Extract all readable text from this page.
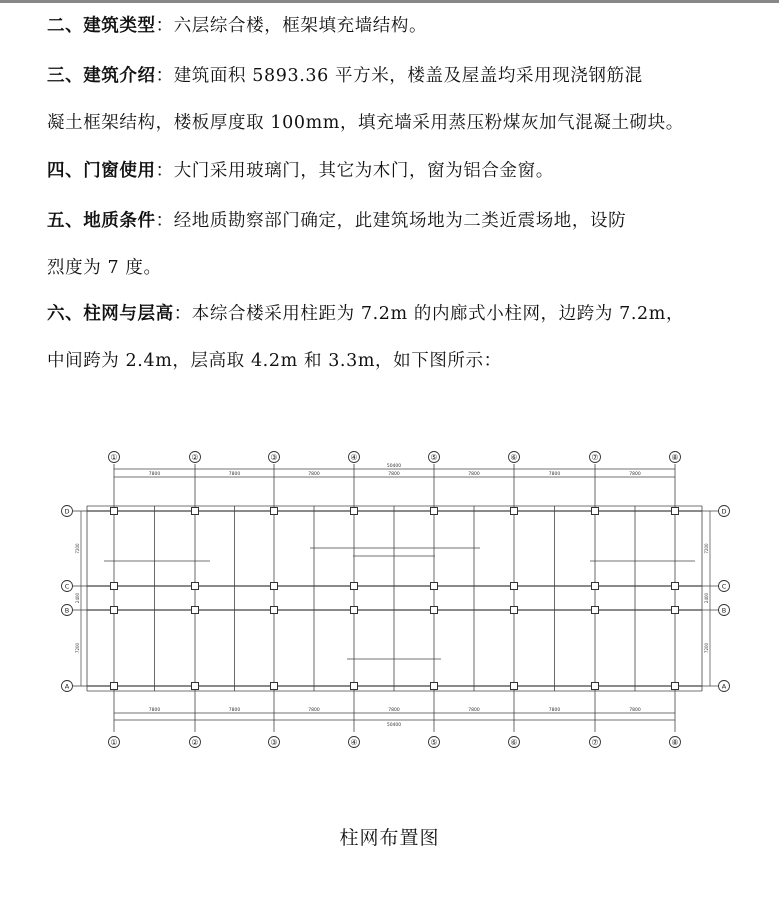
二、建筑类型：六层综合楼，框架填充墙结构。
三、建筑介绍：建筑面积 5893.36 平方米，楼盖及屋盖均采用现浇钢筋混
凝土框架结构，楼板厚度取 100mm，填充墙采用蒸压粉煤灰加气混凝土砌块。
四、门窗使用：大门采用玻璃门，其它为木门，窗为铝合金窗。
五、地质条件：经地质勘察部门确定，此建筑场地为二类近震场地，设防
烈度为 7 度。
六、柱网与层高：本综合楼采用柱距为 7.2m 的内廊式小柱网，边跨为 7.2m，
中间跨为 2.4m，层高取 4.2m 和 3.3m，如下图所示：
7800
7800
7800
7800
7800
7800
7800
7800
7800
7800
7800
7800
7800
7800
50400
50400
7200	7200
2400	2400
7200	7200
①
①
②
②
③
③
④
④
⑤
⑤
⑥
⑥
⑦
⑦
⑧
⑧
D	D
C	C
B	B
A	A
柱网布置图
